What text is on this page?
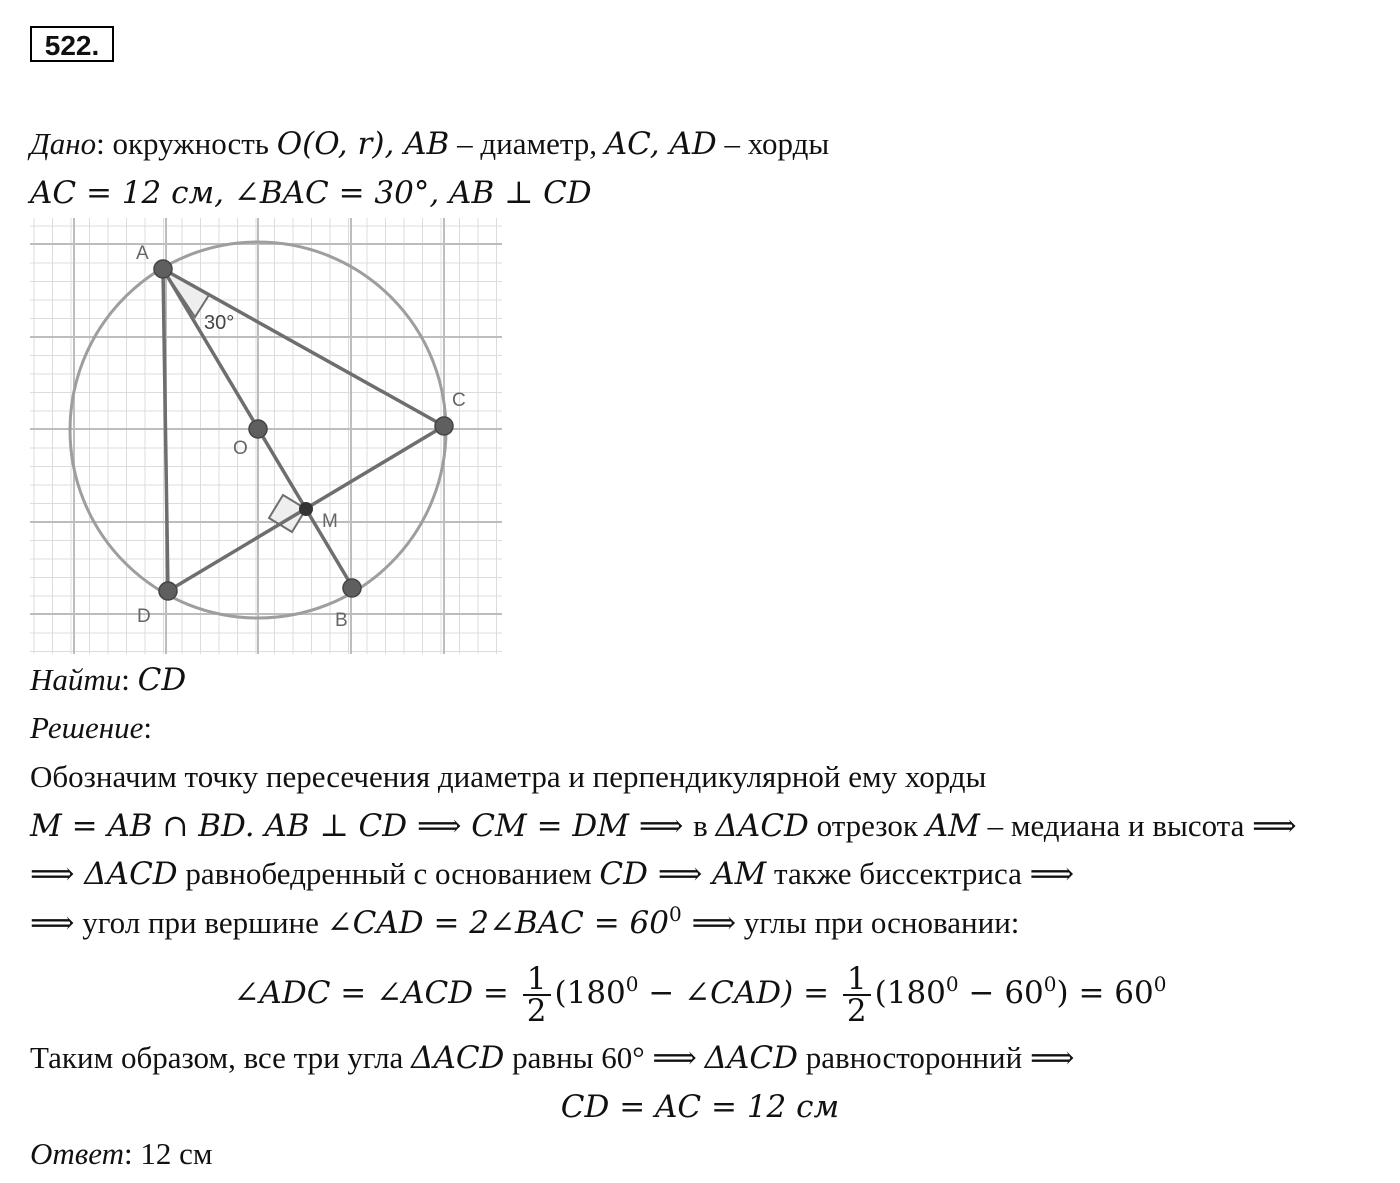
522.
Дано: окружность O(O, r), AB – диаметр, AC, AD – хорды
AC = 12 см, ∠BAC = 30°, AB ⊥ CD
A
C
O
M
D	B
30°
Найти: CD
Решение:
Обозначим точку пересечения диаметра и перпендикулярной ему хорды
M = AB ∩ BD. AB ⊥ CD ⟹ CM = DM ⟹ в ΔACD отрезок AM – медиана и высота ⟹
⟹ ΔACD равнобедренный с основанием CD ⟹ AM также биссектриса ⟹
⟹ угол при вершине ∠CAD = 2∠BAC = $60^0$ ⟹ углы при основании:
∠ADC = ∠ACD = $\frac{1}{2} (180^0$ − ∠CAD) = $\frac{1}{2} (180^0 - 60^0) = 60^0$
Таким образом, все три угла ΔACD равны 60° ⟹ ΔACD равносторонний ⟹
CD = AC = 12 см
Ответ: 12 см
